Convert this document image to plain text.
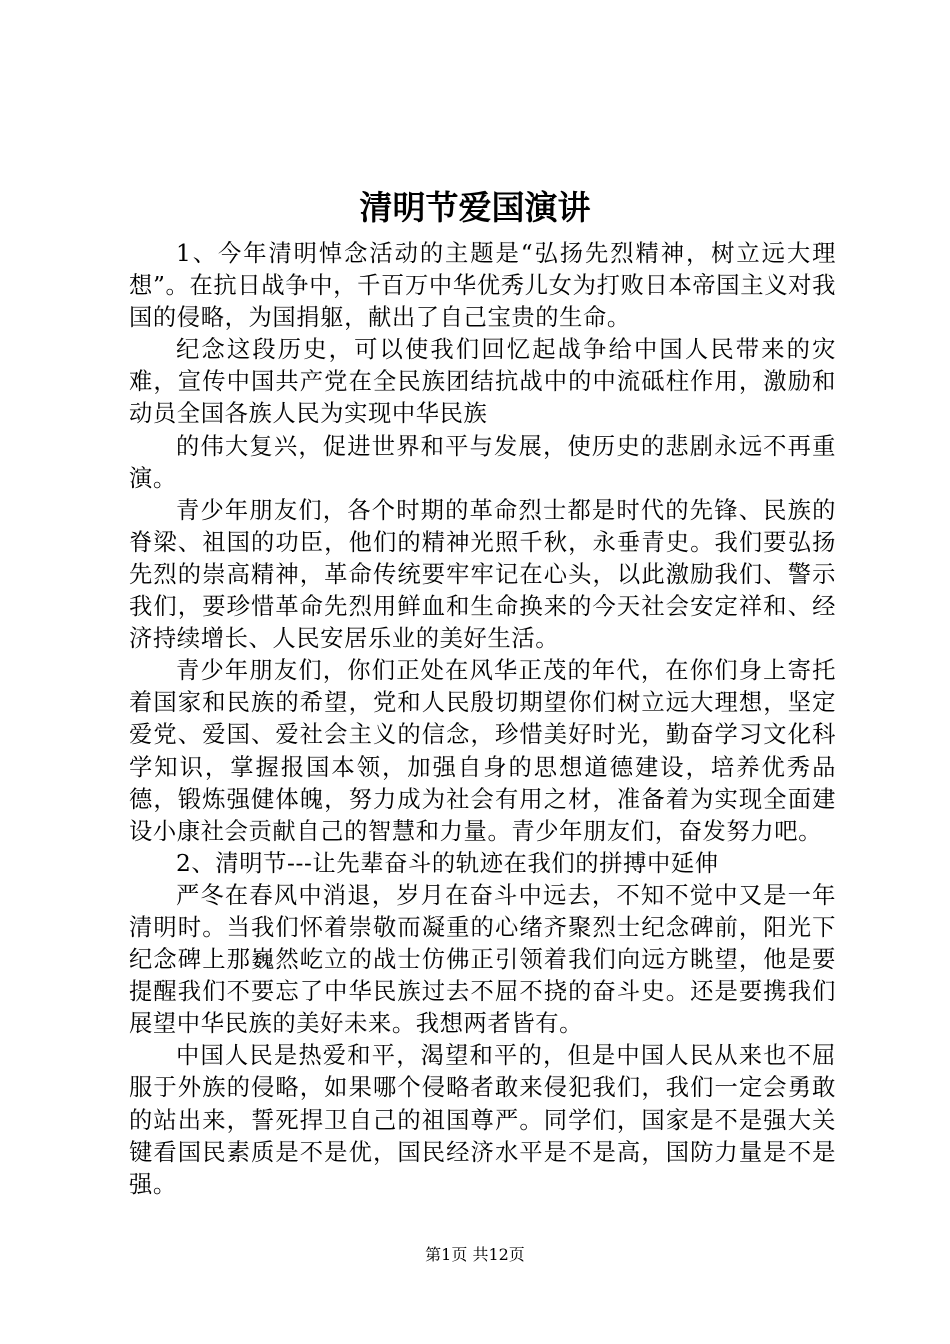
清明节爱国演讲

1、今年清明悼念活动的主题是“弘扬先烈精神，树立远大理想”。在抗日战争中，千百万中华优秀儿女为打败日本帝国主义对我国的侵略，为国捐躯，献出了自己宝贵的生命。

纪念这段历史，可以使我们回忆起战争给中国人民带来的灾难，宣传中国共产党在全民族团结抗战中的中流砥柱作用，激励和动员全国各族人民为实现中华民族

的伟大复兴，促进世界和平与发展，使历史的悲剧永远不再重演。

青少年朋友们，各个时期的革命烈士都是时代的先锋、民族的脊梁、祖国的功臣，他们的精神光照千秋，永垂青史。我们要弘扬先烈的崇高精神，革命传统要牢牢记在心头，以此激励我们、警示我们，要珍惜革命先烈用鲜血和生命换来的今天社会安定祥和、经济持续增长、人民安居乐业的美好生活。

青少年朋友们，你们正处在风华正茂的年代，在你们身上寄托着国家和民族的希望，党和人民殷切期望你们树立远大理想，坚定爱党、爱国、爱社会主义的信念，珍惜美好时光，勤奋学习文化科学知识，掌握报国本领，加强自身的思想道德建设，培养优秀品德，锻炼强健体魄，努力成为社会有用之材，准备着为实现全面建设小康社会贡献自己的智慧和力量。青少年朋友们，奋发努力吧。

2、清明节---让先辈奋斗的轨迹在我们的拼搏中延伸

严冬在春风中消退，岁月在奋斗中远去，不知不觉中又是一年清明时。当我们怀着崇敬而凝重的心绪齐聚烈士纪念碑前，阳光下纪念碑上那巍然屹立的战士仿佛正引领着我们向远方眺望，他是要提醒我们不要忘了中华民族过去不屈不挠的奋斗史。还是要携我们展望中华民族的美好未来。我想两者皆有。

中国人民是热爱和平，渴望和平的，但是中国人民从来也不屈服于外族的侵略，如果哪个侵略者敢来侵犯我们，我们一定会勇敢的站出来，誓死捍卫自己的祖国尊严。同学们，国家是不是强大关键看国民素质是不是优，国民经济水平是不是高，国防力量是不是强。

第1页 共12页
